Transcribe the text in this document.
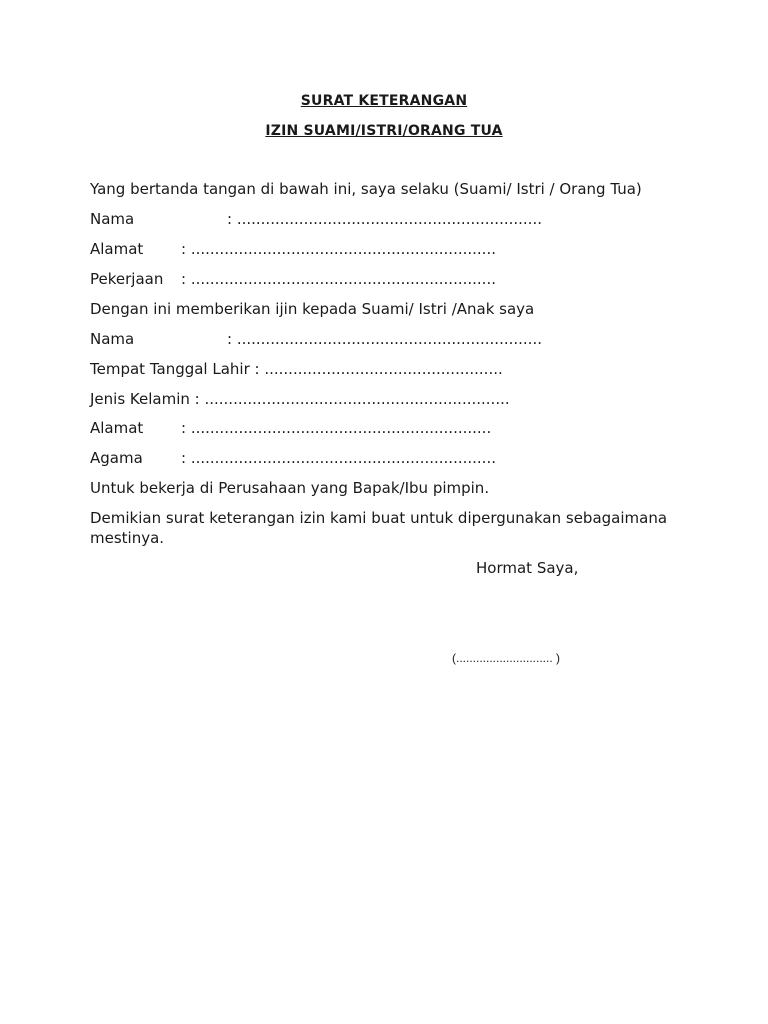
SURAT KETERANGAN
IZIN SUAMI/ISTRI/ORANG TUA
Yang bertanda tangan di bawah ini, saya selaku (Suami/ Istri / Orang Tua)
Nama	: ................................................................
Alamat	: ................................................................
Pekerjaan : ................................................................
Dengan ini memberikan ijin kepada Suami/ Istri /Anak saya
Nama	: ................................................................
Tempat Tanggal Lahir : ..................................................
Jenis Kelamin : ................................................................
Alamat	: ...............................................................
Agama	: ................................................................
Untuk bekerja di Perusahaan yang Bapak/Ibu pimpin.
Demikian surat keterangan izin kami buat untuk dipergunakan sebagaimana mestinya.
Hormat Saya,
(............................. )
